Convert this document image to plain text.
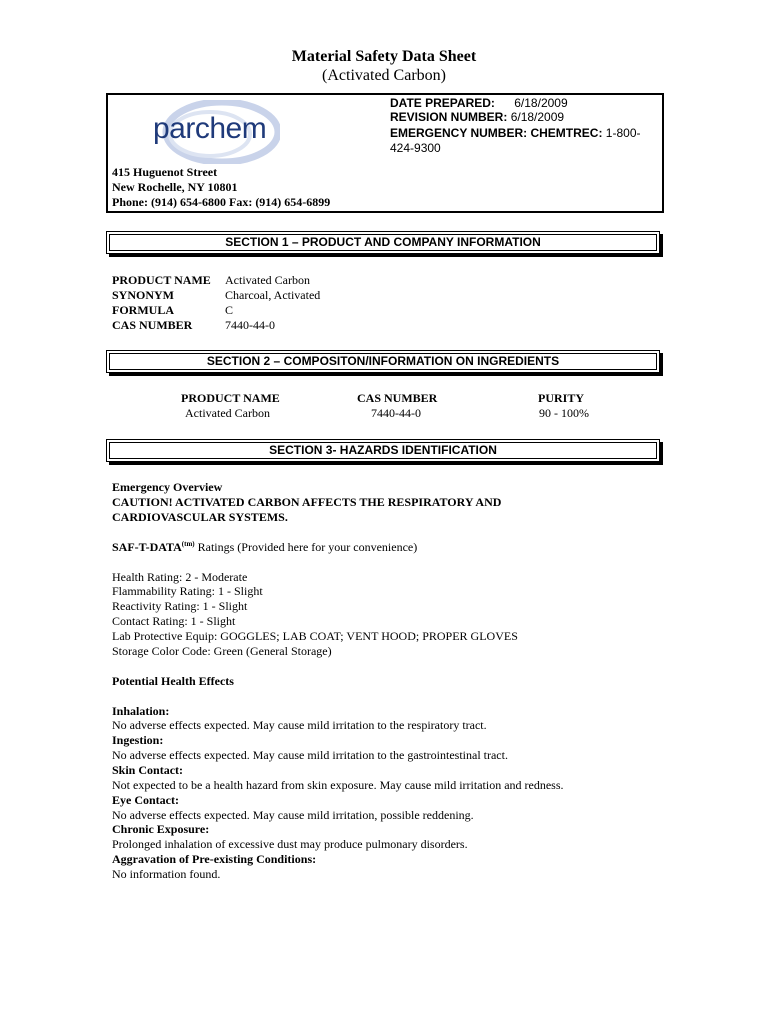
Material Safety Data Sheet
(Activated Carbon)
parchem
DATE PREPARED: 6/18/2009
REVISION NUMBER: 6/18/2009
EMERGENCY NUMBER: CHEMTREC: 1-800-
424-9300
415 Huguenot Street
New Rochelle, NY 10801
Phone: (914) 654-6800 Fax: (914) 654-6899
SECTION 1 – PRODUCT AND COMPANY INFORMATION
PRODUCT NAME Activated Carbon
SYNONYM	Charcoal, Activated
FORMULA	C
CAS NUMBER	7440-44-0
SECTION 2 – COMPOSITON/INFORMATION ON INGREDIENTS
PRODUCT NAME	CAS NUMBER	PURITY
Activated Carbon	7440-44-0	90 - 100%
SECTION 3- HAZARDS IDENTIFICATION
Emergency Overview
CAUTION! ACTIVATED CARBON AFFECTS THE RESPIRATORY AND
CARDIOVASCULAR SYSTEMS.
SAF-$T-DATA^{(tm)}$ Ratings (Provided here for your convenience)
Health Rating: 2 - Moderate
Flammability Rating: 1 - Slight
Reactivity Rating: 1 - Slight
Contact Rating: 1 - Slight
Lab Protective Equip: GOGGLES; LAB COAT; VENT HOOD; PROPER GLOVES
Storage Color Code: Green (General Storage)
Potential Health Effects
Inhalation:
No adverse effects expected. May cause mild irritation to the respiratory tract.
Ingestion:
No adverse effects expected. May cause mild irritation to the gastrointestinal tract.
Skin Contact:
Not expected to be a health hazard from skin exposure. May cause mild irritation and redness.
Eye Contact:
No adverse effects expected. May cause mild irritation, possible reddening.
Chronic Exposure:
Prolonged inhalation of excessive dust may produce pulmonary disorders.
Aggravation of Pre-existing Conditions:
No information found.
